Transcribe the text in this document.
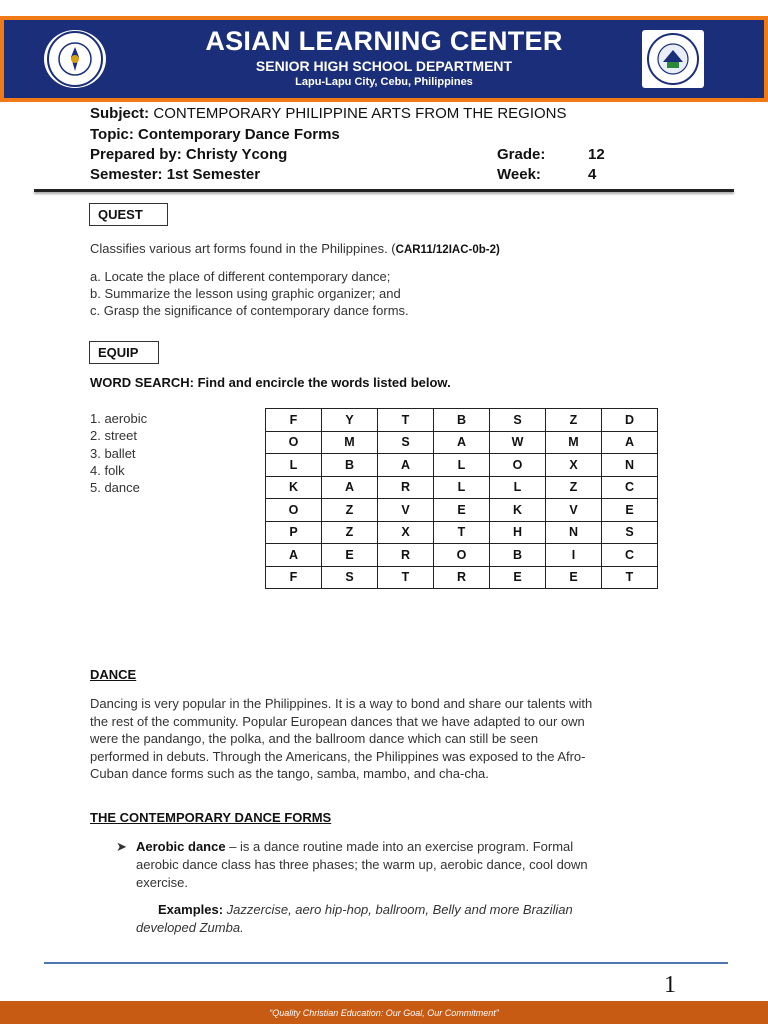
ASIAN LEARNING CENTER
SENIOR HIGH SCHOOL DEPARTMENT
Lapu-Lapu City, Cebu, Philippines
Subject: CONTEMPORARY PHILIPPINE ARTS FROM THE REGIONS
Topic: Contemporary Dance Forms
Prepared by: Christy Ycong	Grade:	12
Semester: 1st Semester	Week:	4
QUEST
Classifies various art forms found in the Philippines. (CAR11/12IAC-0b-2)
a. Locate the place of different contemporary dance;
b. Summarize the lesson using graphic organizer; and
c. Grasp the significance of contemporary dance forms.
EQUIP
WORD SEARCH: Find and encircle the words listed below.
1. aerobic
2. street
3. ballet
4. folk
5. dance
F	Y	T	B	S	Z	D
O	M	S	A	W	M	A
L	B	A	L	O	X	N
K	A	R	L	L	Z	C
O	Z	V	E	K	V	E
P	Z	X	T	H	N	S
A	E	R	O	B	I	C
F	S	T	R	E	E	T
DANCE
Dancing is very popular in the Philippines. It is a way to bond and share our talents with
the rest of the community. Popular European dances that we have adapted to our own
were the pandango, the polka, and the ballroom dance which can still be seen
performed in debuts. Through the Americans, the Philippines was exposed to the Afro-
Cuban dance forms such as the tango, samba, mambo, and cha-cha.
THE CONTEMPORARY DANCE FORMS
➤ Aerobic dance – is a dance routine made into an exercise program. Formal
aerobic dance class has three phases; the warm up, aerobic dance, cool down
exercise.
Examples: Jazzercise, aero hip-hop, ballroom, Belly and more Brazilian
developed Zumba.
1
“Quality Christian Education: Our Goal, Our Commitment”
